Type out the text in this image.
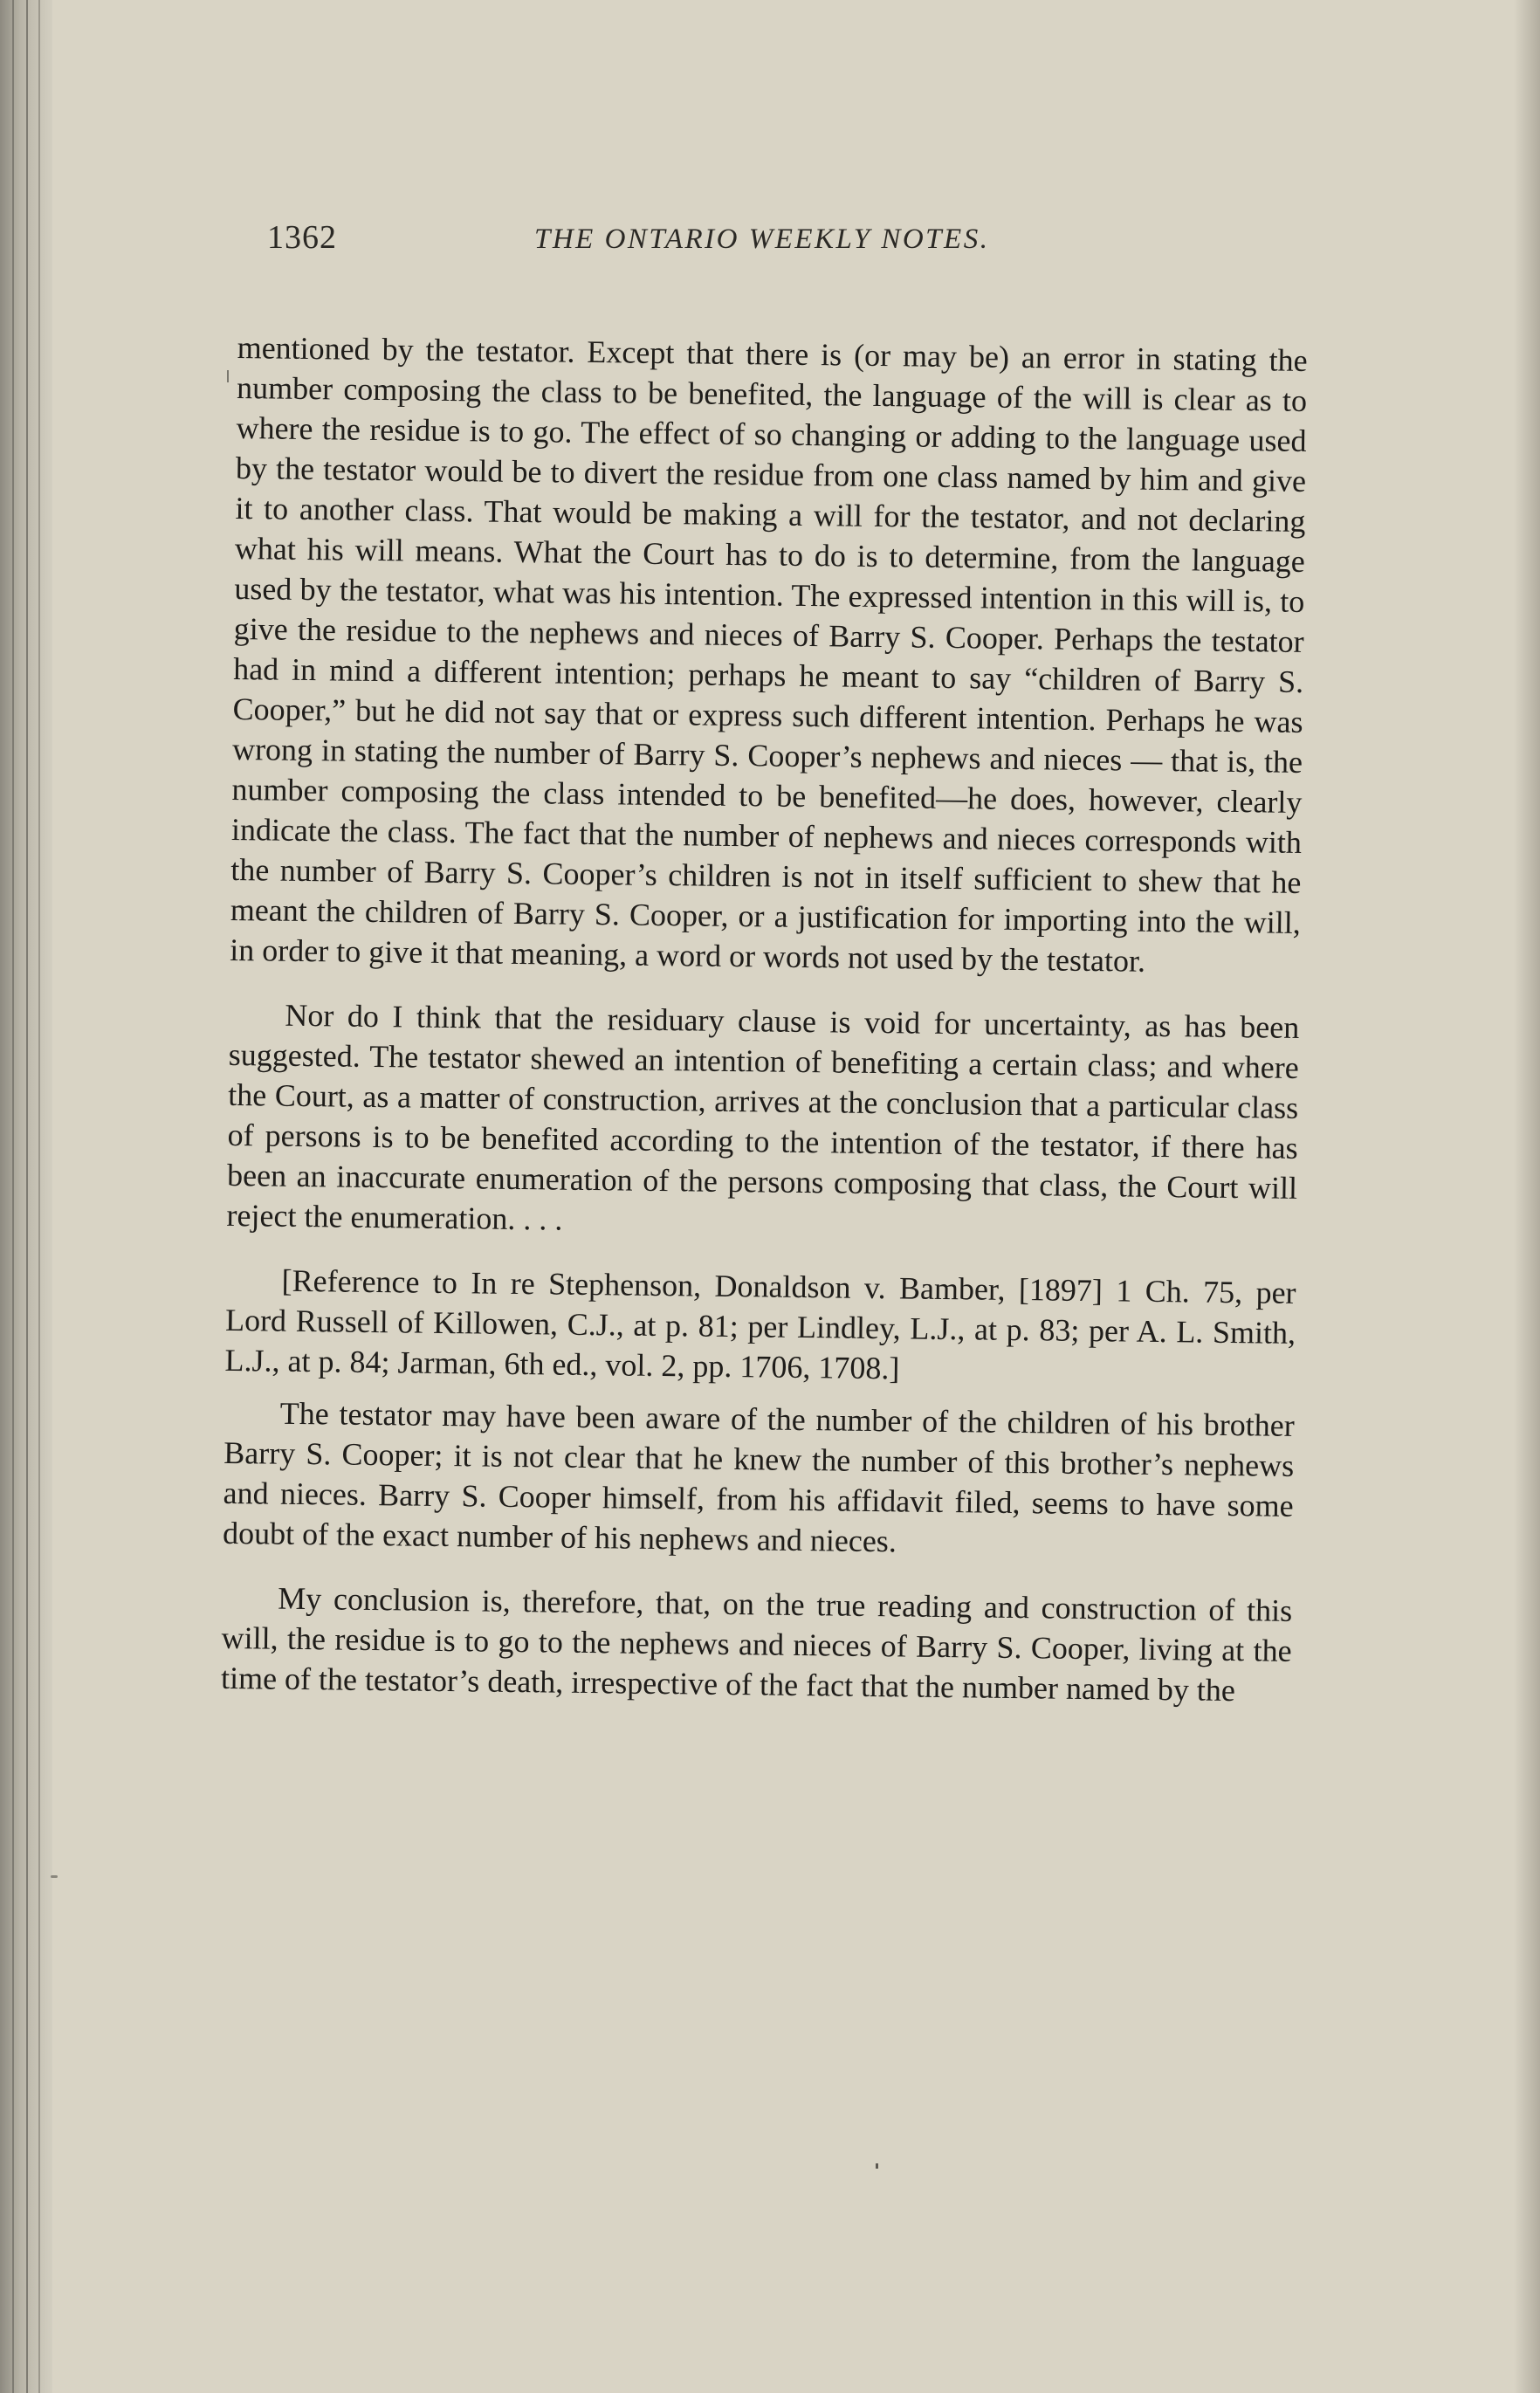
1362	THE ONTARIO WEEKLY NOTES.

mentioned by the testator. Except that there is (or may be) an error in stating the number composing the class to be benefited, the language of the will is clear as to where the residue is to go. The effect of so changing or adding to the language used by the testator would be to divert the residue from one class named by him and give it to another class. That would be making a will for the testator, and not declaring what his will means. What the Court has to do is to determine, from the language used by the testator, what was his intention. The expressed intention in this will is, to give the residue to the nephews and nieces of Barry S. Cooper. Perhaps the testator had in mind a different intention; perhaps he meant to say “children of Barry S. Cooper,” but he did not say that or express such different intention. Perhaps he was wrong in stating the number of Barry S. Cooper’s nephews and nieces — that is, the number composing the class intended to be benefited—he does, however, clearly indicate the class. The fact that the number of nephews and nieces corresponds with the number of Barry S. Cooper’s children is not in itself sufficient to shew that he meant the children of Barry S. Cooper, or a justification for importing into the will, in order to give it that meaning, a word or words not used by the testator.

Nor do I think that the residuary clause is void for uncertainty, as has been suggested. The testator shewed an intention of benefiting a certain class; and where the Court, as a matter of construction, arrives at the conclusion that a particular class of persons is to be benefited according to the intention of the testator, if there has been an inaccurate enumeration of the persons composing that class, the Court will reject the enumeration. . . .

[Reference to In re Stephenson, Donaldson v. Bamber, [1897] 1 Ch. 75, per Lord Russell of Killowen, C.J., at p. 81; per Lindley, L.J., at p. 83; per A. L. Smith, L.J., at p. 84; Jarman, 6th ed., vol. 2, pp. 1706, 1708.]

The testator may have been aware of the number of the children of his brother Barry S. Cooper; it is not clear that he knew the number of this brother’s nephews and nieces. Barry S. Cooper himself, from his affidavit filed, seems to have some doubt of the exact number of his nephews and nieces.

My conclusion is, therefore, that, on the true reading and construction of this will, the residue is to go to the nephews and nieces of Barry S. Cooper, living at the time of the testator’s death, irrespective of the fact that the number named by the
